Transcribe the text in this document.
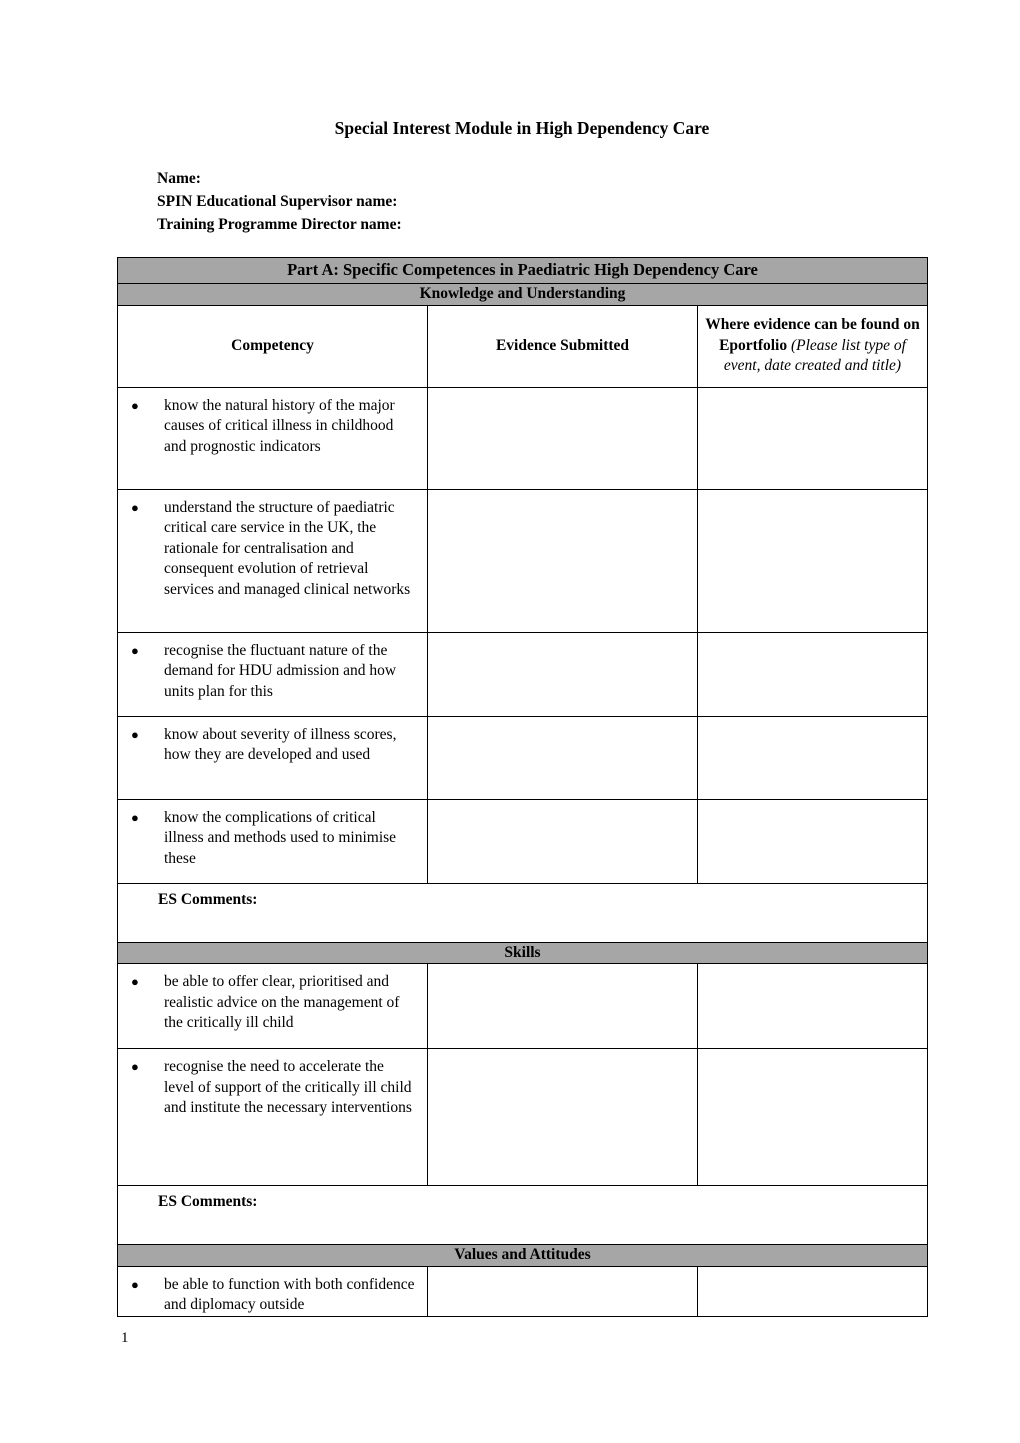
Special Interest Module in High Dependency Care

Name:

SPIN Educational Supervisor name:

Training Programme Director name:

Part A: Specific Competences in Paediatric High Dependency Care		
Knowledge and Understanding		
Competency	Evidence Submitted	Where evidence can be found on Eportfolio (Please list type of event, date created and title)

● know the natural history of the major causes of critical illness in childhood and prognostic indicators		

● understand the structure of paediatric critical care service in the UK, the rationale for centralisation and consequent evolution of retrieval services and managed clinical networks		

● recognise the fluctuant nature of the demand for HDU admission and how units plan for this		

● know about severity of illness scores, how they are developed and used		

● know the complications of critical illness and methods used to minimise these		

ES Comments:		

Skills		

● be able to offer clear, prioritised and realistic advice on the management of the critically ill child		

● recognise the need to accelerate the level of support of the critically ill child and institute the necessary interventions		

ES Comments:		

Values and Attitudes		

● be able to function with both confidence and diplomacy outside		

1
